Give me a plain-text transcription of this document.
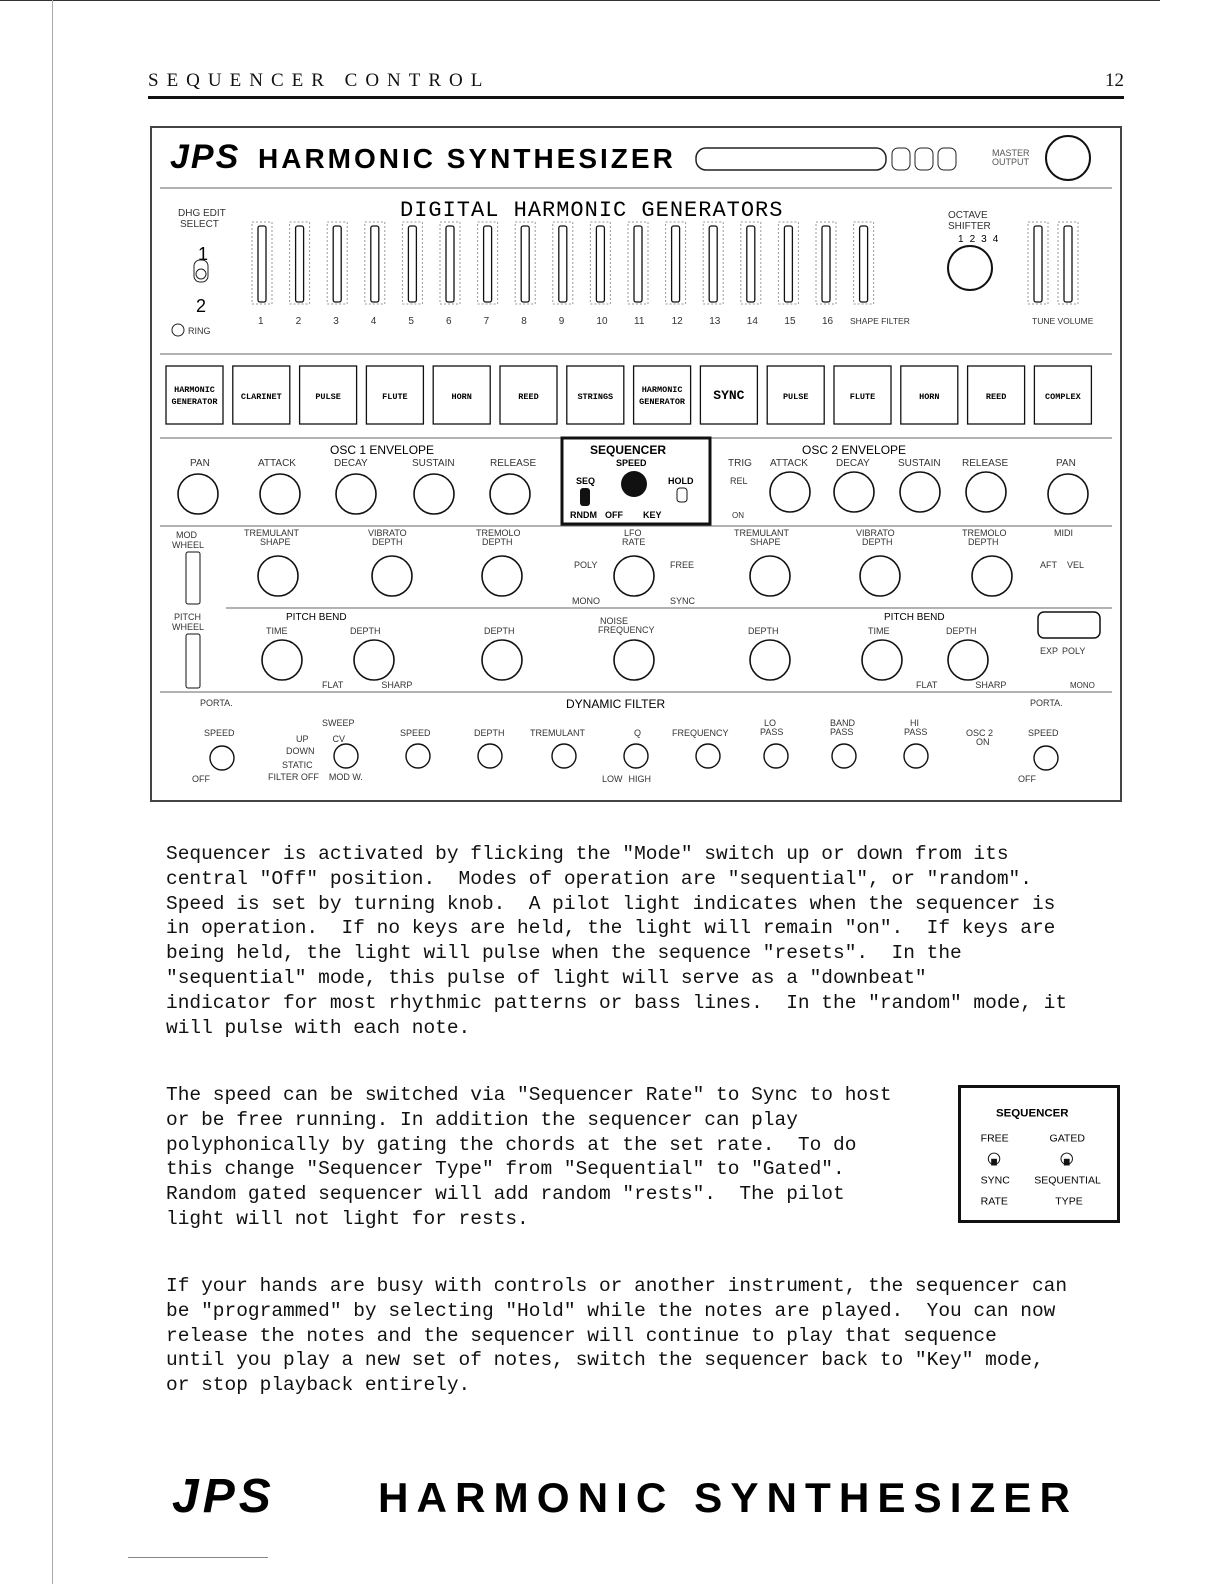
SEQUENCER CONTROL	12
JPS HARMONIC SYNTHESIZER	MASTER OUTPUT
DIGITAL HARMONIC GENERATORS
DHG EDIT SELECT
1
2
RING
1	2	3	4	5	6	7	8	9	10	11	12	13	14	15	16 SHAPE FILTER	TUNE VOLUME
OCTAVE SHIFTER
1 2 3 4
HARMONIC
GENERATOR	CLARINET	PULSE	FLUTE	HORN	REED	STRINGS
HARMONIC
GENERATOR SYNC	PULSE	FLUTE	HORN	REED	COMPLEX
PAN
OSC 1 ENVELOPE
ATTACK	DECAY	SUSTAIN	RELEASE
SEQUENCER
SPEED
SEQ	HOLD
RNDM OFF KEY
OSC 2 ENVELOPE
TRIG ATTACK	DECAY	SUSTAIN RELEASE
REL
ON
PAN
MOD WHEEL
TREMULANT SHAPE
VIBRATO DEPTH
TREMOLO DEPTH
LFO RATE
POLY
MONO
FREE
SYNC
TREMULANT SHAPE
VIBRATO DEPTH
TREMOLO DEPTH
MIDI
AFT VEL
PITCH WHEEL
PITCH BEND
TIME	DEPTH
FLAT	SHARP
DEPTH
NOISE FREQUENCY	DEPTH
PITCH BEND
TIME	DEPTH
FLAT	SHARP
EXP POLY
MONO
PORTA.	DYNAMIC FILTER	PORTA.
SPEED
OFF
SWEEP
UP	CV
DOWN
STATIC
FILTER OFF MOD W.
SPEED	DEPTH	TREMULANT	Q
LOW HIGH
FREQUENCY
LO PASS
BAND PASS
HI PASS	OSC 2 ON
SPEED
OFF
Sequencer is activated by flicking the "Mode" switch up or down from its
central "Off" position.  Modes of operation are "sequential", or "random".
Speed is set by turning knob.  A pilot light indicates when the sequencer is
in operation.  If no keys are held, the light will remain "on".  If keys are
being held, the light will pulse when the sequence "resets".  In the
"sequential" mode, this pulse of light will serve as a "downbeat"
indicator for most rhythmic patterns or bass lines.  In the "random" mode, it
will pulse with each note.
The speed can be switched via "Sequencer Rate" to Sync to host
or be free running. In addition the sequencer can play
polyphonically by gating the chords at the set rate.  To do
this change "Sequencer Type" from "Sequential" to "Gated".
Random gated sequencer will add random "rests".  The pilot
light will not light for rests.
SEQUENCER
FREE	GATED
SYNC SEQUENTIAL
RATE	TYPE
If your hands are busy with controls or another instrument, the sequencer can
be "programmed" by selecting "Hold" while the notes are played.  You can now
release the notes and the sequencer will continue to play that sequence
until you play a new set of notes, switch the sequencer back to "Key" mode,
or stop playback entirely.
JPS HARMONIC SYNTHESIZER
